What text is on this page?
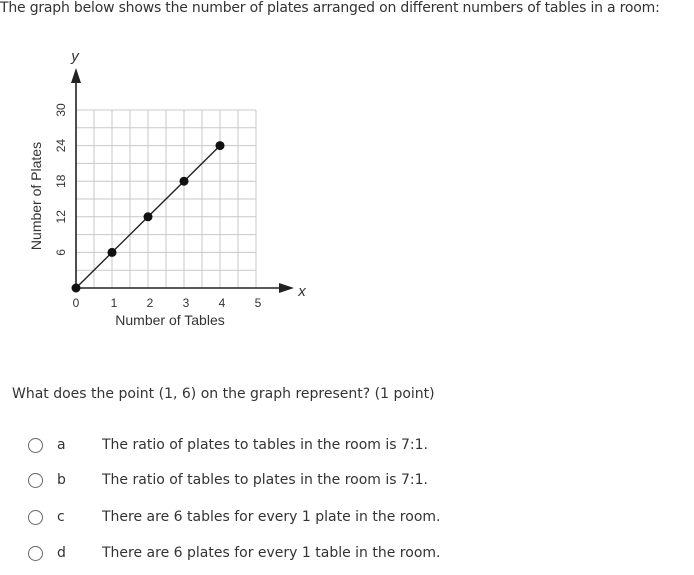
The graph below shows the number of plates arranged on different numbers of tables in a room:
0	1 2 3 4 5
6
12
18
24
30
y
x
Number of Tables
Number of Plates
What does the point (1, 6) on the graph represent? (1 point)
a	The ratio of plates to tables in the room is 7:1.
b	The ratio of tables to plates in the room is 7:1.
c	There are 6 tables for every 1 plate in the room.
d	There are 6 plates for every 1 table in the room.
